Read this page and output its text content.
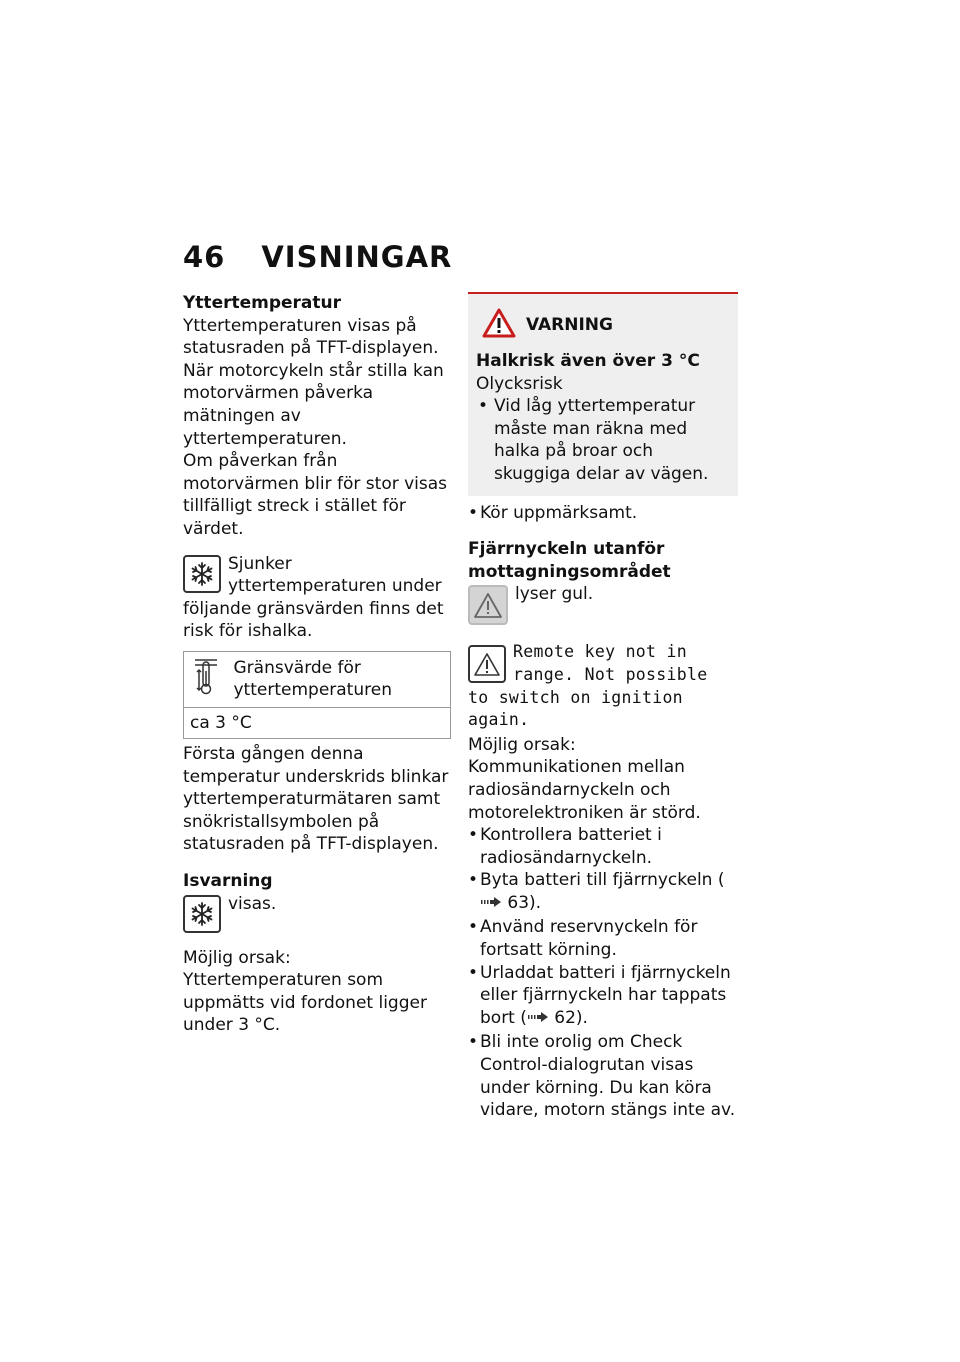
46 VISNINGAR
Yttertemperatur
Yttertemperaturen visas på statusraden på TFT-displayen.
När motorcykeln står stilla kan motorvärmen påverka mätningen av yttertemperaturen.
Om påverkan från motorvärmen blir för stor visas tillfälligt streck i stället för värdet.
Sjunker yttertemperaturen under följande gränsvärden finns det risk för ishalka.
	Gränsvärde för yttertemperaturen
ca 3 °C
Första gången denna temperatur underskrids blinkar yttertemperaturmätaren samt snökristallsymbolen på statusraden på TFT-displayen.
Isvarning
visas.
Möjlig orsak:
Yttertemperaturen som uppmätts vid fordonet ligger under 3 °C.
VARNING
Halkrisk även över 3 °C
Olycksrisk
• Vid låg yttertemperatur måste man räkna med halka på broar och skuggiga delar av vägen.
• Kör uppmärksamt.
Fjärrnyckeln utanför mottagningsområdet
lyser gul.
Remote key not in range. Not possible to switch on ignition again.
Möjlig orsak:
Kommunikationen mellan radiosändarnyckeln och motorelektroniken är störd.
• Kontrollera batteriet i radiosändarnyckeln.
• Byta batteri till fjärrnyckeln ( 63).
• Använd reservnyckeln för fortsatt körning.
• Urladdat batteri i fjärrnyckeln eller fjärrnyckeln har tappats bort ( 62).
• Bli inte orolig om Check Control-dialogrutan visas under körning. Du kan köra vidare, motorn stängs inte av.
